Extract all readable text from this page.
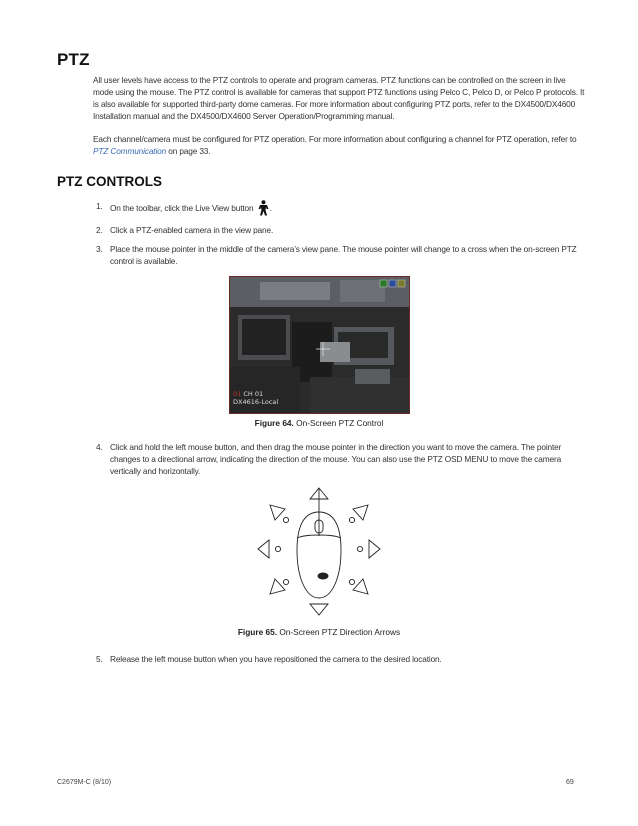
PTZ
All user levels have access to the PTZ controls to operate and program cameras. PTZ functions can be controlled on the screen in live mode using the mouse. The PTZ control is available for cameras that support PTZ functions using Pelco C, Pelco D, or Pelco P protocols. It is also available for supported third-party dome cameras. For more information about configuring PTZ ports, refer to the DX4500/DX4600 Installation manual and the DX4500/DX4600 Server Operation/Programming manual.
Each channel/camera must be configured for PTZ operation. For more information about configuring a channel for PTZ operation, refer to
PTZ Communication on page 33.
PTZ CONTROLS
1. On the toolbar, click the Live View button .
2. Click a PTZ-enabled camera in the view pane.
3. Place the mouse pointer in the middle of the camera’s view pane. The mouse pointer will change to a cross when the on-screen PTZ control is available.
01 CH 01
DX4616-Local
Figure 64. On-Screen PTZ Control
4. Click and hold the left mouse button, and then drag the mouse pointer in the direction you want to move the camera. The pointer changes to a directional arrow, indicating the direction of the mouse. You can also use the PTZ OSD MENU to move the camera vertically and horizontally.
Figure 65. On-Screen PTZ Direction Arrows
5. Release the left mouse button when you have repositioned the camera to the desired location.
C2679M-C (8/10)	69
